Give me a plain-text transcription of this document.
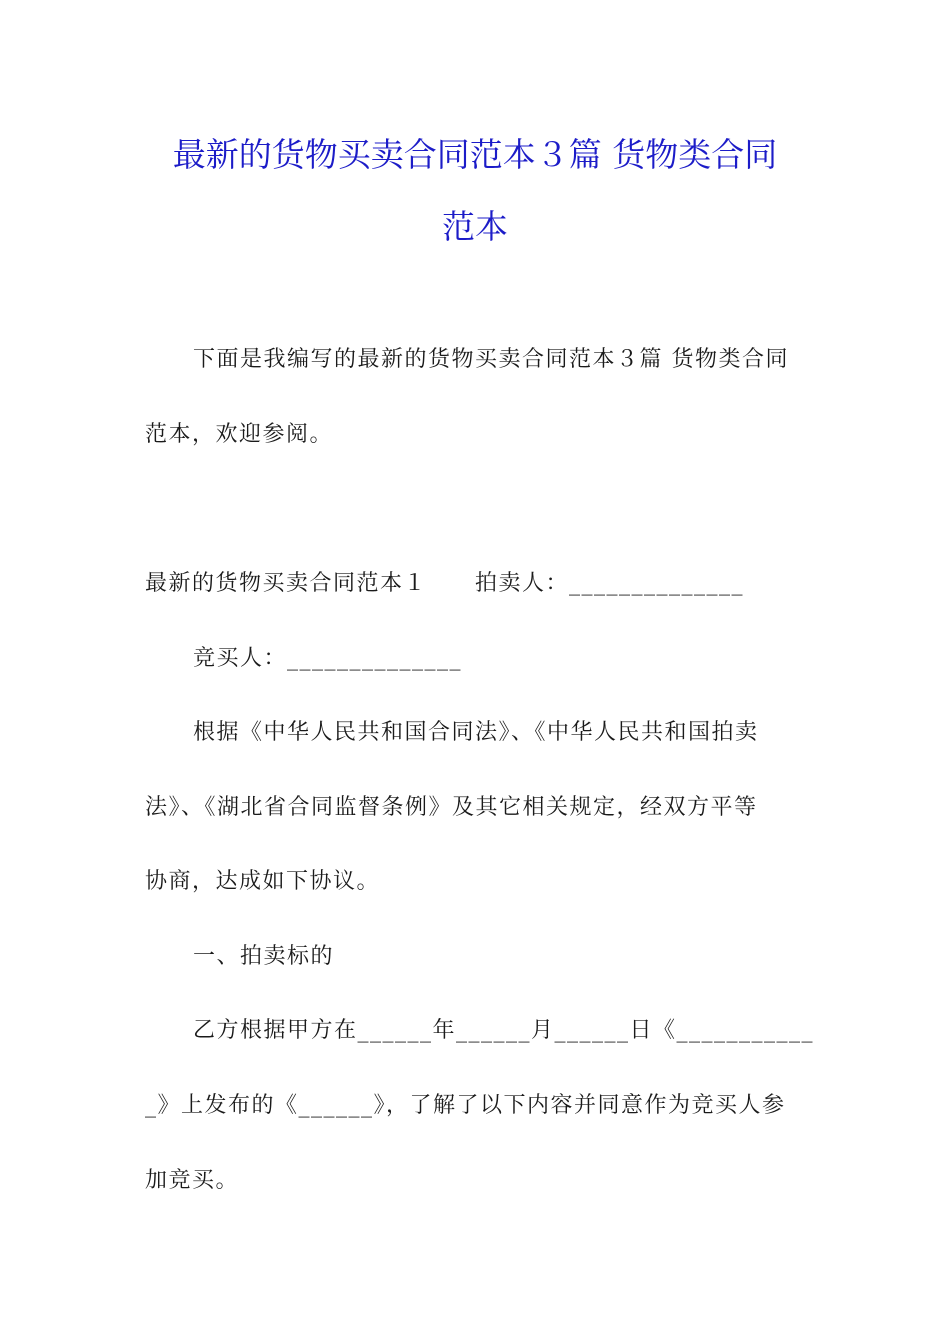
最新的货物买卖合同范本３篇 货物类合同
范本

下面是我编写的最新的货物买卖合同范本３篇 货物类合同

范本，欢迎参阅。

最新的货物买卖合同范本１ 拍卖人：______________

竞买人：______________

根据《中华人民共和国合同法》、《中华人民共和国拍卖

法》、《湖北省合同监督条例》及其它相关规定，经双方平等

协商，达成如下协议。

一、拍卖标的

乙方根据甲方在______年______月______日《___________

_》上发布的《______》，了解了以下内容并同意作为竞买人参

加竞买。
